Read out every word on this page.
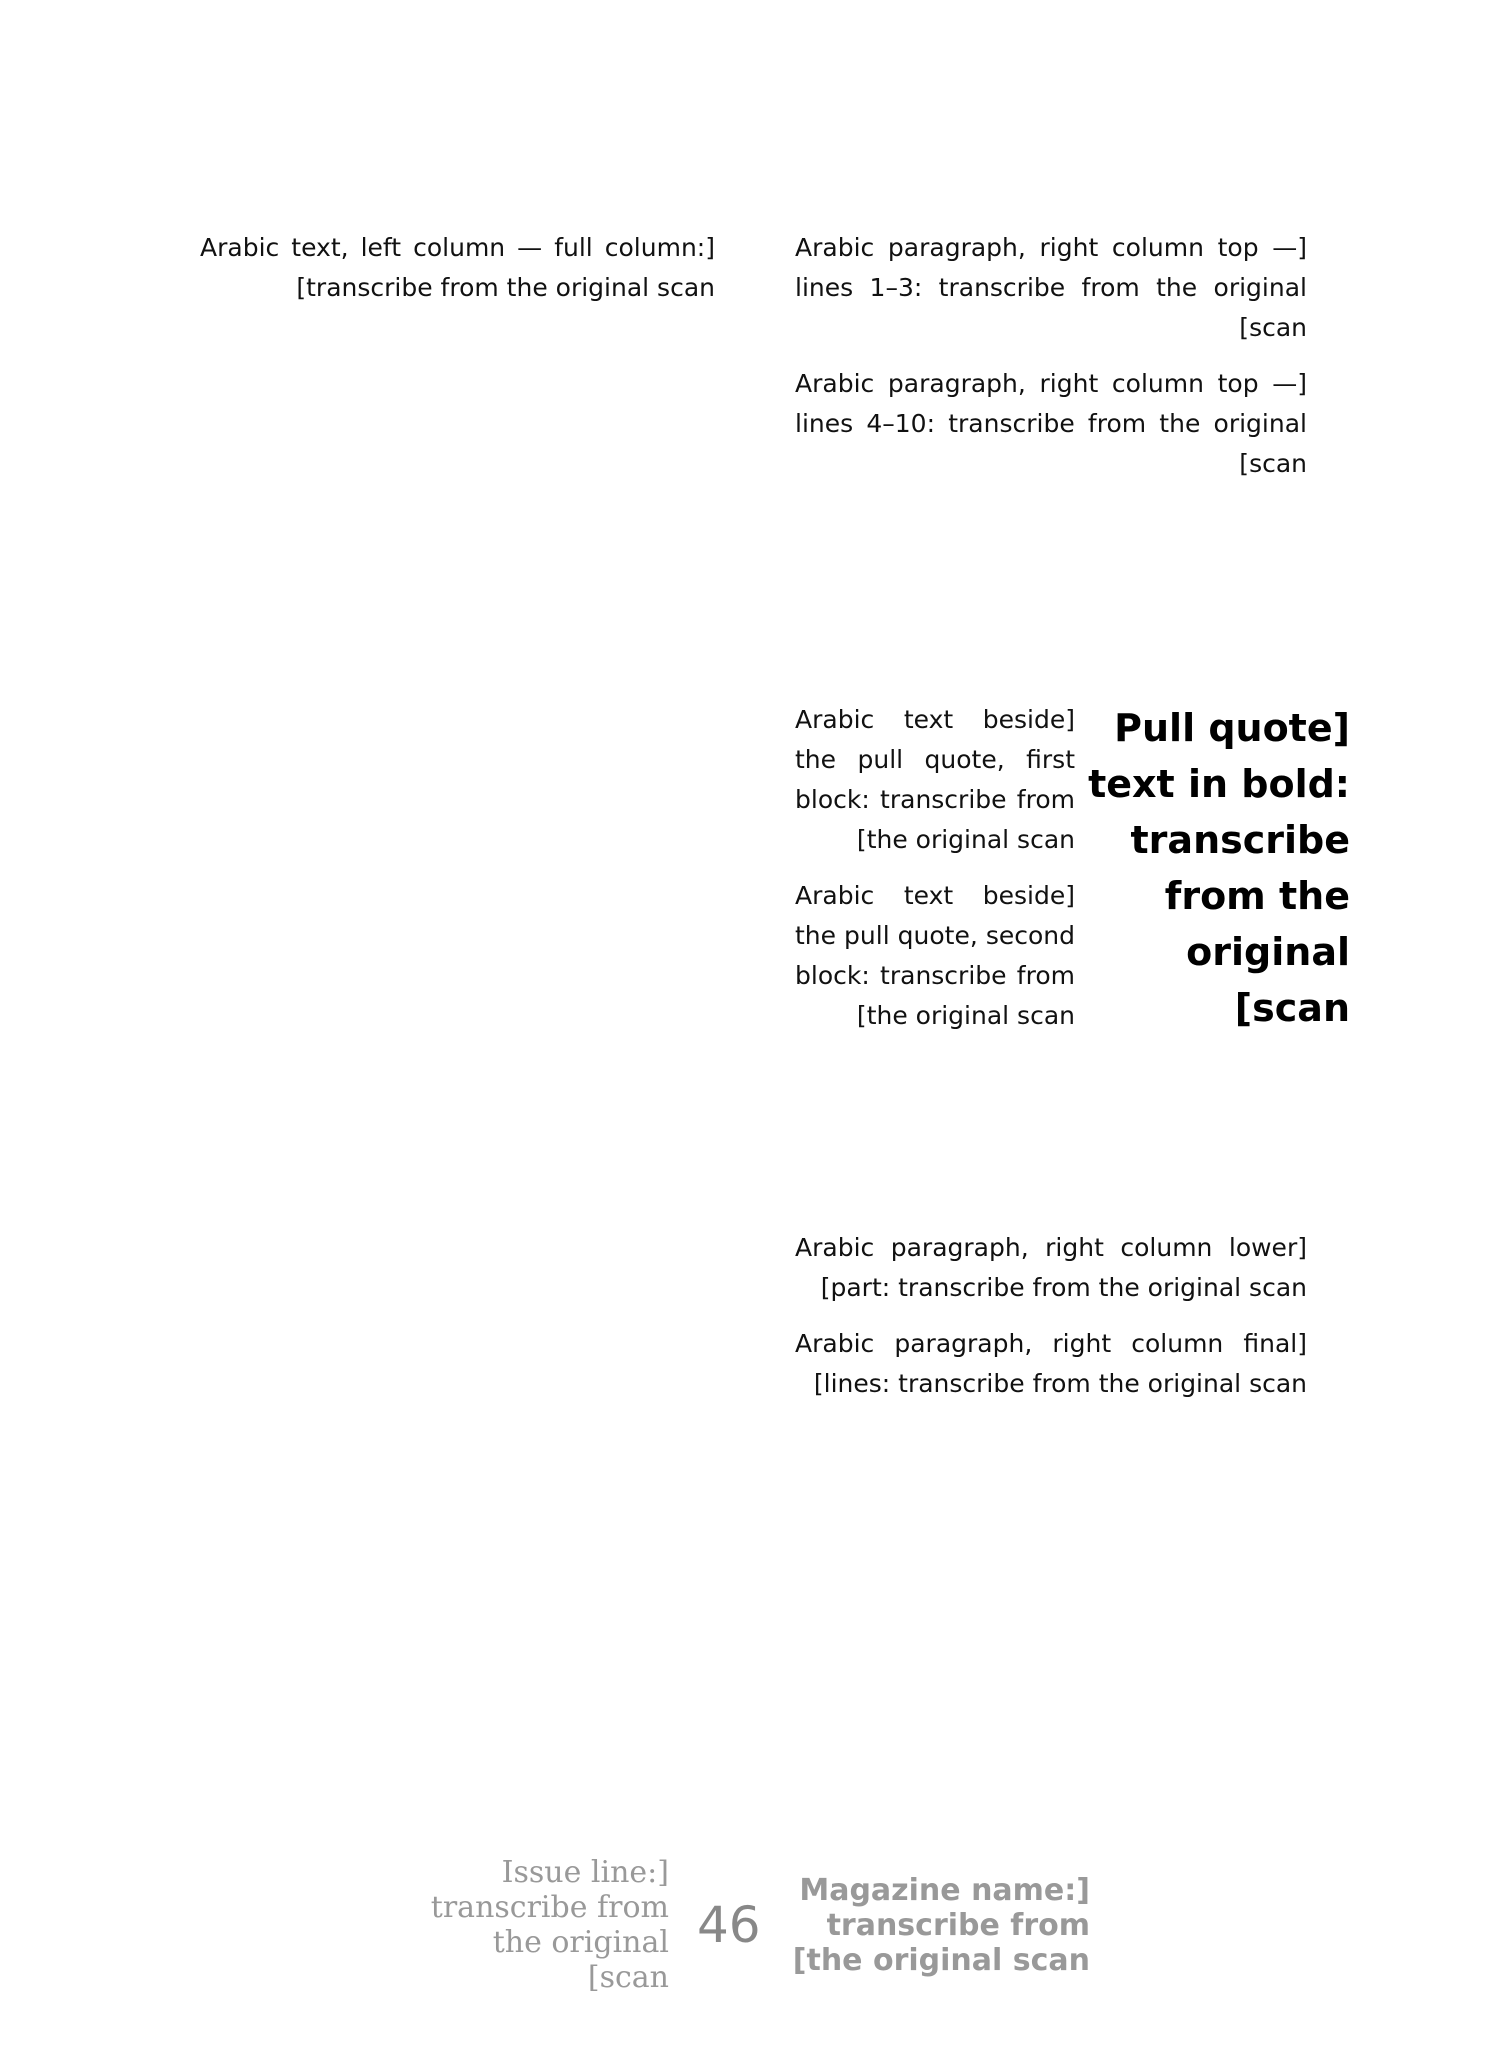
[Arabic paragraph, right column top — lines 1–3: transcribe from the original scan]

[Arabic paragraph, right column top — lines 4–10: transcribe from the original scan]

[Arabic text beside the pull quote, first block: transcribe from the original scan]

[Arabic text beside the pull quote, second block: transcribe from the original scan]

[Pull quote text in bold: transcribe from the original scan]

[Arabic paragraph, right column lower part: transcribe from the original scan]

[Arabic paragraph, right column final lines: transcribe from the original scan]

[Arabic text, left column — full column: transcribe from the original scan]

[Magazine name: transcribe from the original scan]
46
[Issue line: transcribe from the original scan]
